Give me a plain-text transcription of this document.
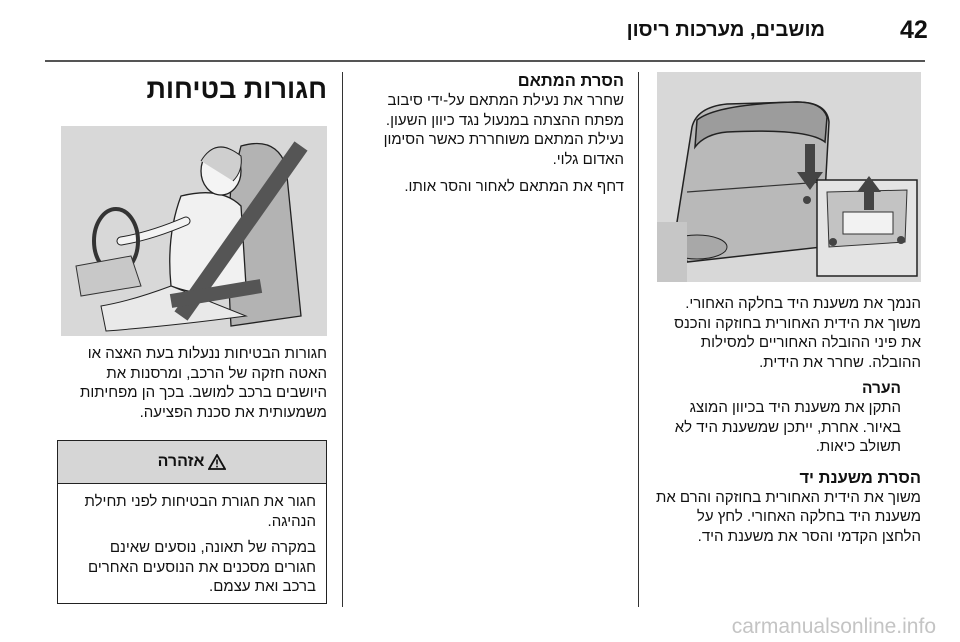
42
מושבים, מערכות ריסון

הנמך את משענת היד בחלקה האחורי. משוך את הידית האחורית בחוזקה והכנס את פיני ההובלה האחוריים למסילות ההובלה. שחרר את הידית.

הערה

התקן את משענת היד בכיוון המוצג באיור. אחרת, ייתכן שמשענת היד לא תשולב כיאות.

הסרת משענת יד

משוך את הידית האחורית בחוזקה והרם את משענת היד בחלקה האחורי. לחץ על הלחצן הקדמי והסר את משענת היד.

הסרת המתאם

שחרר את נעילת המתאם על-ידי סיבוב מפתח ההצתה במנעול נגד כיוון השעון. נעילת המתאם משוחררת כאשר הסימון האדום גלוי.

דחף את המתאם לאחור והסר אותו.

חגורות בטיחות

חגורות הבטיחות ננעלות בעת האצה או האטה חזקה של הרכב, ומרסנות את היושבים ברכב למושב. בכך הן מפחיתות משמעותית את סכנת הפציעה.

אזהרה

חגור את חגורת הבטיחות לפני תחילת הנהיגה.

במקרה של תאונה, נוסעים שאינם חגורים מסכנים את הנוסעים האחרים ברכב ואת עצמם.

carmanualsonline.info
